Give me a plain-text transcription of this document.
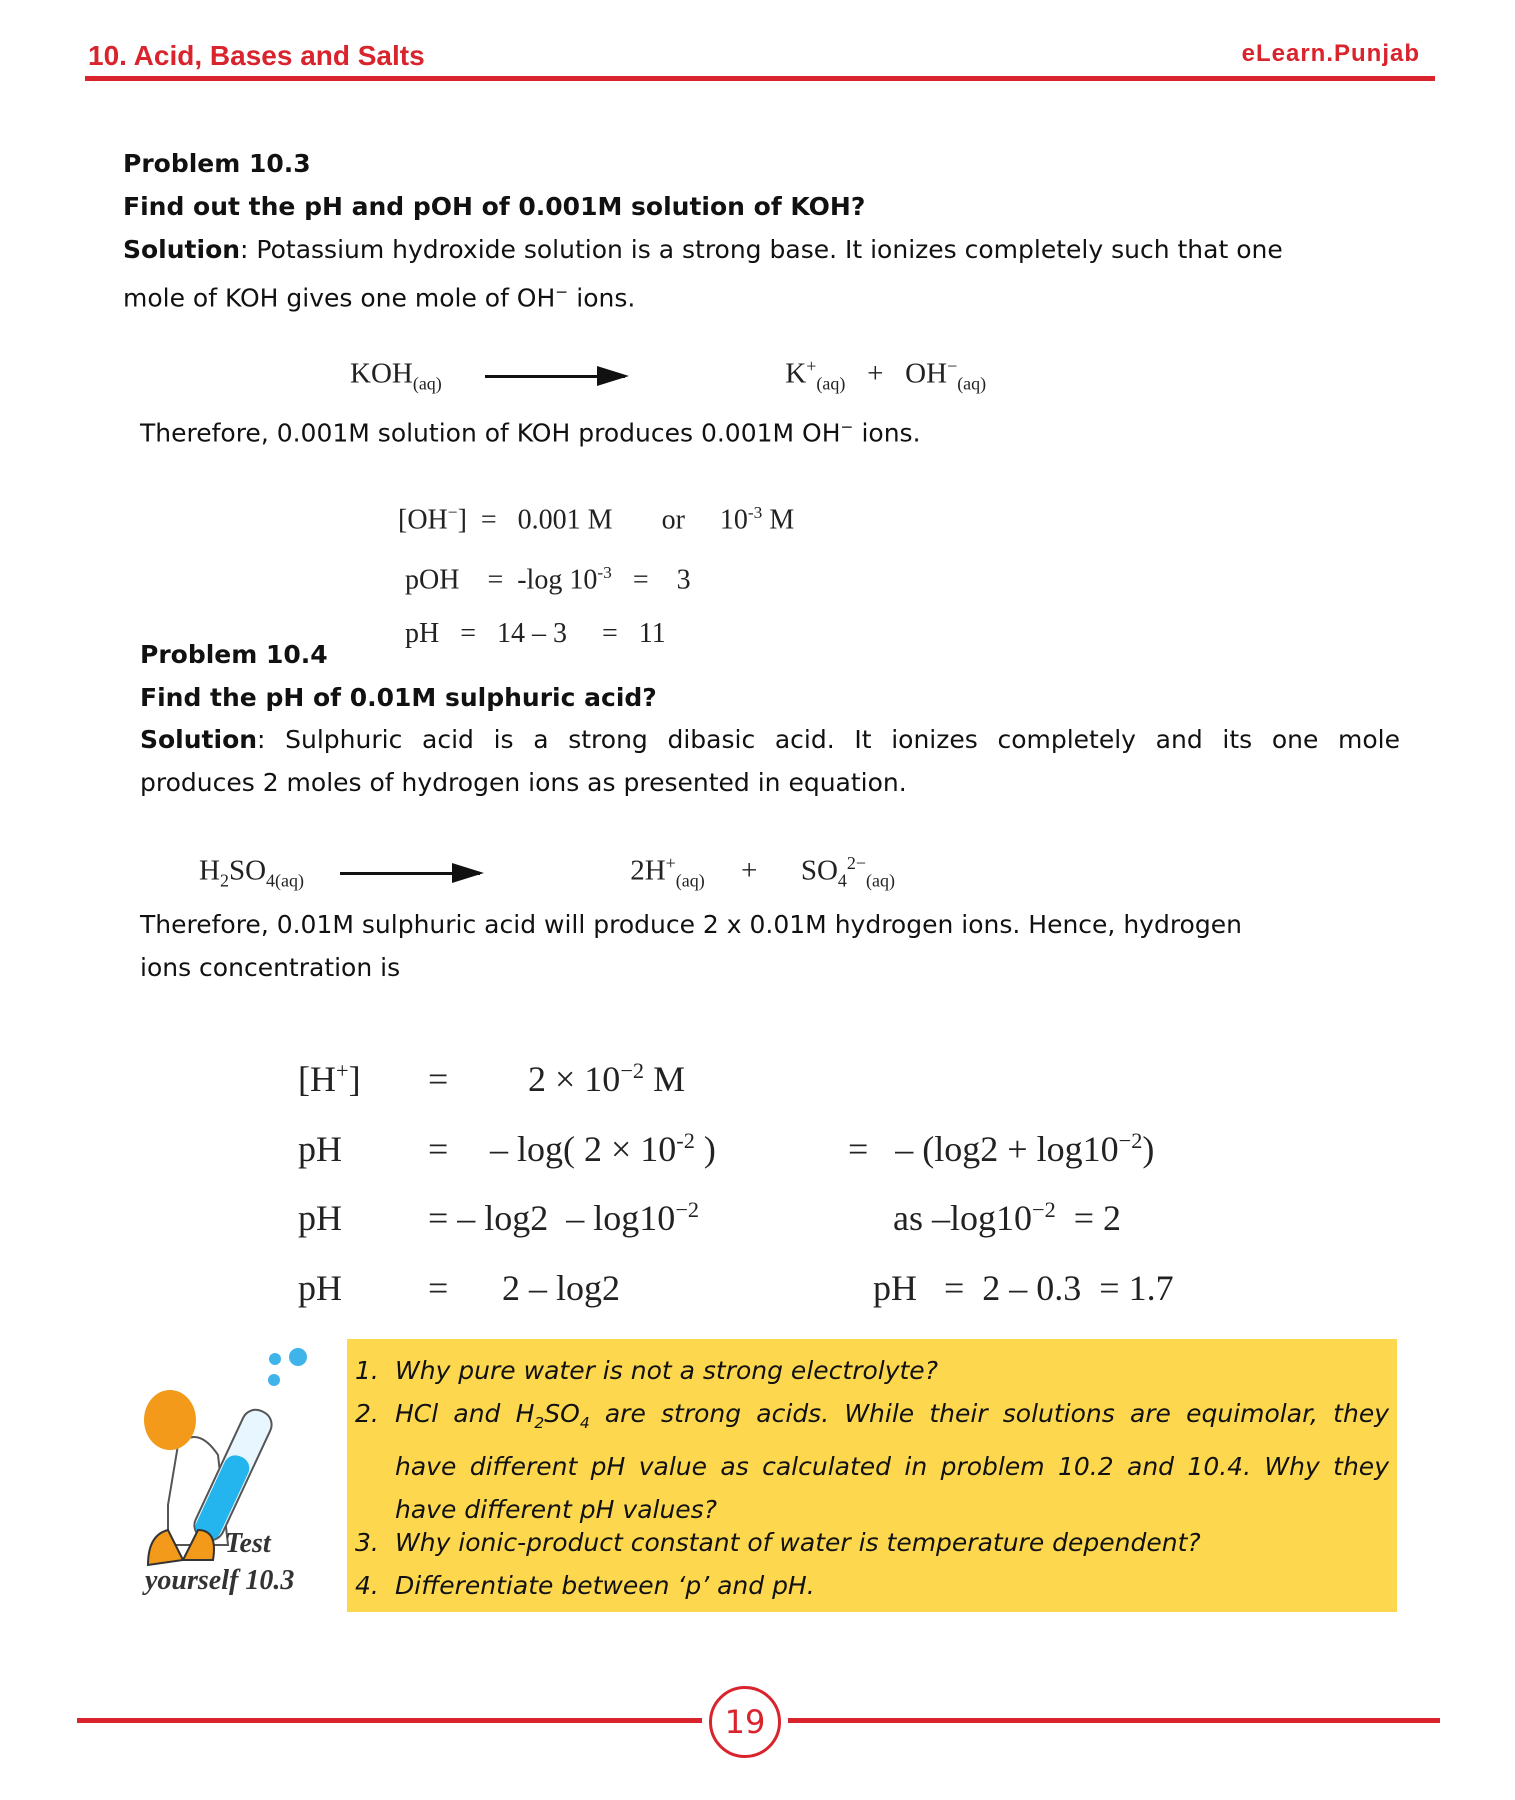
10. Acid, Bases and Salts	eLearn.Punjab
Problem 10.3
Find out the pH and pOH of 0.001M solution of KOH?
Solution: Potassium hydroxide solution is a strong base. It ionizes completely such that one
mole of KOH gives one mole of OH− ions.
$KOH_{(aq)}$	$K^+_{(aq)} + OH^-_{(aq)}$
Therefore, 0.001M solution of KOH produces 0.001M OH− ions.
[OH−]  =   0.001 M       or     $10^{-3}$ M
pOH    =  -log $10^{-3}$   =    3
pH   =   14 – 3     =   11
Problem 10.4
Find the pH of 0.01M sulphuric acid?
Solution: Sulphuric acid is a strong dibasic acid. It ionizes completely and its one mole
produces 2 moles of hydrogen ions as presented in equation.
$H_2SO_{4(aq)}$	$2H^+_{(aq)}$     +      $SO_4^{2-}_{(aq)}$
Therefore, 0.01M sulphuric acid will produce 2 x 0.01M hydrogen ions. Hence, hydrogen
ions concentration is
$[H^+] = 2 \times 10^{-2}$ M
pH = – log( $2 \times 10^{-2}$ )	=   – $(\log 2 + \log 10^{-2})$
pH = – $\log 2 - \log 10^{-2}$	as $-\log 10^{-2} = 2$
pH = 2 – log2	pH   =  2 – 0.3  = 1.7
Test
yourself 10.3
1. Why pure water is not a strong electrolyte?
2. HCl and $H_2SO_4$ are strong acids. While their solutions are equimolar, they
have different pH value as calculated in problem 10.2 and 10.4. Why they have different pH values?
3. Why ionic-product constant of water is temperature dependent?
4. Differentiate between ‘p’ and pH.
19
